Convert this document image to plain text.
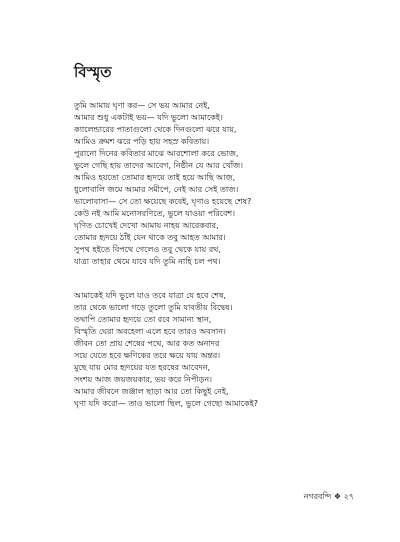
বিস্মৃত
তুমি আমায় ঘৃণা কর— সে ভয় আমার নেই,
আমার শুধু একটাই ভয়— যদি ভুলো আমাকেই।
ক্যালেন্ডারের পাতাগুলো থেকে দিনগুলো ঝরে যায়,
আমিও ক্রমশ ঝরে পড়ি হায় সহস্র কবিতায়।
পুরানো দিনের কবিতার মাঝে আরশোলা করে ভোজ,
ভুলে গেছি হায় তাদের আবেগ, নিষ্ঠীন যে আর খোঁজ।
আমিও হয়তো তোমার হৃদয়ে তাই হয়ে আছি আজ,
ধুলোবালি জমে আমার সমীপে, নেই আর সেই তাজ।
ভালোবাসা— সে তো ক্ষয়েছে কবেই, ঘৃণাও হয়েছে শেষ?
কেউ নই আমি মনোসরণিতে, ভুলে যাওয়া পরিবেশ।
ঘৃণিত চোখেই দেখো আমায় নাহয় আরেকবার,
তোমার হৃদয়ে ঠাঁই যেন থাকে তবু আহত আমার।
সুপথ হইতে বিপথে গেলেও তবু থেকে যায় রথ,
যাত্রা তাহার থেমে যাবে যদি তুমি নাহি চল পথ।
আমাকেই যদি ভুলে যাও তবে যাত্রা যে হবে শেষ,
তার থেকে ভালো গড়ে তুলো তুমি যাবতীয় বিদ্বেষ।
তথাপি তোমার হৃদয়ে তো রবে সামান্য স্থান,
বিস্মৃতি ঘেরা অবহেলা এলে হবে তারও অবসান।
জীবন তো প্রায় শেষের পথে, আর কত অনাদর
সয়ে যেতে হবে ক্ষণিকের তরে ক্ষয়ে যায় অন্তর।
মুছে যায় মোর হৃদয়ের যত হরষের আবেদন,
সংশয় আজ জয়জয়কার, ভয় করে নিপীড়ন।
আমার জীবনে জঞ্জাল ছাড়া আর তো কিছুই নেই,
ঘৃণা যদি করো— তাও ভালো ছিল, ভুলে গেছো আমাকেই?
নগরবন্দি ❖ ২৭
